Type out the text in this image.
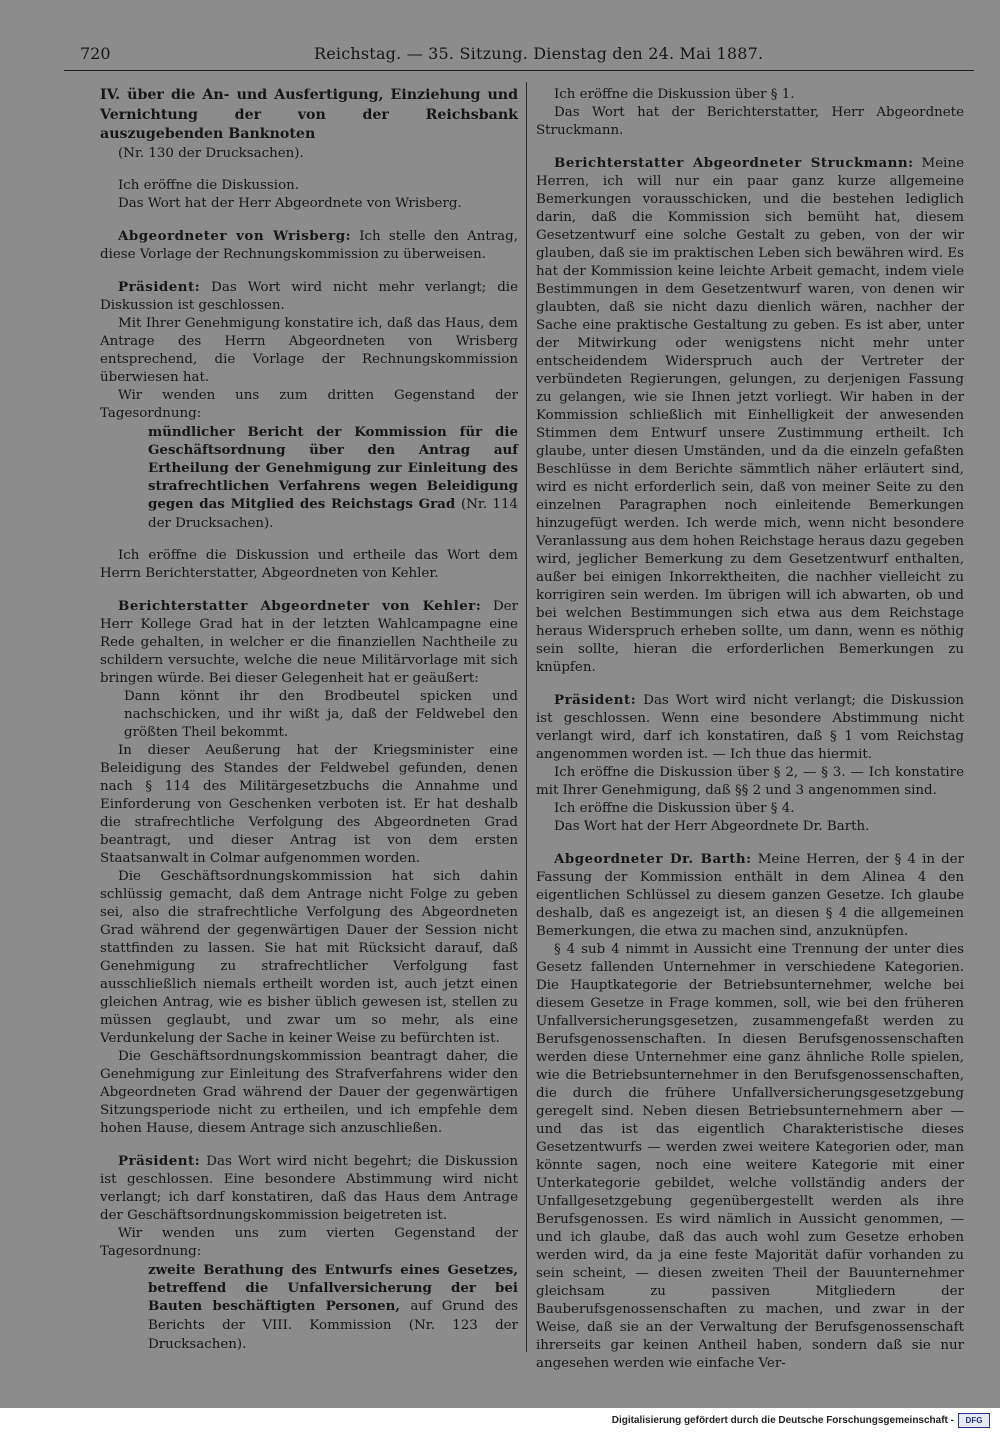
720	Reichstag. — 35. Sitzung. Dienstag den 24. Mai 1887.

IV. über die An- und Ausfertigung, Einziehung und Vernichtung der von der Reichsbank auszugebenden Banknoten

(Nr. 130 der Drucksachen).

Ich eröffne die Diskussion.

Das Wort hat der Herr Abgeordnete von Wrisberg.

Abgeordneter von Wrisberg: Ich stelle den Antrag, diese Vorlage der Rechnungskommission zu überweisen.

Präsident: Das Wort wird nicht mehr verlangt; die Diskussion ist geschlossen.

Mit Ihrer Genehmigung konstatire ich, daß das Haus, dem Antrage des Herrn Abgeordneten von Wrisberg entsprechend, die Vorlage der Rechnungskommission überwiesen hat.

Wir wenden uns zum dritten Gegenstand der Tagesordnung:

mündlicher Bericht der Kommission für die Geschäftsordnung über den Antrag auf Ertheilung der Genehmigung zur Einleitung des strafrechtlichen Verfahrens wegen Beleidigung gegen das Mitglied des Reichstags Grad (Nr. 114 der Drucksachen).

Ich eröffne die Diskussion und ertheile das Wort dem Herrn Berichterstatter, Abgeordneten von Kehler.

Berichterstatter Abgeordneter von Kehler: Der Herr Kollege Grad hat in der letzten Wahlcampagne eine Rede gehalten, in welcher er die finanziellen Nachtheile zu schildern versuchte, welche die neue Militärvorlage mit sich bringen würde. Bei dieser Gelegenheit hat er geäußert:

Dann könnt ihr den Brodbeutel spicken und nachschicken, und ihr wißt ja, daß der Feldwebel den größten Theil bekommt.

In dieser Aeußerung hat der Kriegsminister eine Beleidigung des Standes der Feldwebel gefunden, denen nach § 114 des Militärgesetzbuchs die Annahme und Einforderung von Geschenken verboten ist. Er hat deshalb die strafrechtliche Verfolgung des Abgeordneten Grad beantragt, und dieser Antrag ist von dem ersten Staatsanwalt in Colmar aufgenommen worden.

Die Geschäftsordnungskommission hat sich dahin schlüssig gemacht, daß dem Antrage nicht Folge zu geben sei, also die strafrechtliche Verfolgung des Abgeordneten Grad während der gegenwärtigen Dauer der Session nicht stattfinden zu lassen. Sie hat mit Rücksicht darauf, daß Genehmigung zu strafrechtlicher Verfolgung fast ausschließlich niemals ertheilt worden ist, auch jetzt einen gleichen Antrag, wie es bisher üblich gewesen ist, stellen zu müssen geglaubt, und zwar um so mehr, als eine Verdunkelung der Sache in keiner Weise zu befürchten ist.

Die Geschäftsordnungskommission beantragt daher, die Genehmigung zur Einleitung des Strafverfahrens wider den Abgeordneten Grad während der Dauer der gegenwärtigen Sitzungsperiode nicht zu ertheilen, und ich empfehle dem hohen Hause, diesem Antrage sich anzuschließen.

Präsident: Das Wort wird nicht begehrt; die Diskussion ist geschlossen. Eine besondere Abstimmung wird nicht verlangt; ich darf konstatiren, daß das Haus dem Antrage der Geschäftsordnungskommission beigetreten ist.

Wir wenden uns zum vierten Gegenstand der Tagesordnung:

zweite Berathung des Entwurfs eines Gesetzes, betreffend die Unfallversicherung der bei Bauten beschäftigten Personen, auf Grund des Berichts der VIII. Kommission (Nr. 123 der Drucksachen).

Ich eröffne die Diskussion über § 1.

Das Wort hat der Berichterstatter, Herr Abgeordnete Struckmann.

Berichterstatter Abgeordneter Struckmann: Meine Herren, ich will nur ein paar ganz kurze allgemeine Bemerkungen vorausschicken, und die bestehen lediglich darin, daß die Kommission sich bemüht hat, diesem Gesetzentwurf eine solche Gestalt zu geben, von der wir glauben, daß sie im praktischen Leben sich bewähren wird. Es hat der Kommission keine leichte Arbeit gemacht, indem viele Bestimmungen in dem Gesetzentwurf waren, von denen wir glaubten, daß sie nicht dazu dienlich wären, nachher der Sache eine praktische Gestaltung zu geben. Es ist aber, unter der Mitwirkung oder wenigstens nicht mehr unter entscheidendem Widerspruch auch der Vertreter der verbündeten Regierungen, gelungen, zu derjenigen Fassung zu gelangen, wie sie Ihnen jetzt vorliegt. Wir haben in der Kommission schließlich mit Einhelligkeit der anwesenden Stimmen dem Entwurf unsere Zustimmung ertheilt. Ich glaube, unter diesen Umständen, und da die einzeln gefaßten Beschlüsse in dem Berichte sämmtlich näher erläutert sind, wird es nicht erforderlich sein, daß von meiner Seite zu den einzelnen Paragraphen noch einleitende Bemerkungen hinzugefügt werden. Ich werde mich, wenn nicht besondere Veranlassung aus dem hohen Reichstage heraus dazu gegeben wird, jeglicher Bemerkung zu dem Gesetzentwurf enthalten, außer bei einigen Inkorrektheiten, die nachher vielleicht zu korrigiren sein werden. Im übrigen will ich abwarten, ob und bei welchen Bestimmungen sich etwa aus dem Reichstage heraus Widerspruch erheben sollte, um dann, wenn es nöthig sein sollte, hieran die erforderlichen Bemerkungen zu knüpfen.

Präsident: Das Wort wird nicht verlangt; die Diskussion ist geschlossen. Wenn eine besondere Abstimmung nicht verlangt wird, darf ich konstatiren, daß § 1 vom Reichstag angenommen worden ist. — Ich thue das hiermit.

Ich eröffne die Diskussion über § 2, — § 3. — Ich konstatire mit Ihrer Genehmigung, daß §§ 2 und 3 angenommen sind.

Ich eröffne die Diskussion über § 4.

Das Wort hat der Herr Abgeordnete Dr. Barth.

Abgeordneter Dr. Barth: Meine Herren, der § 4 in der Fassung der Kommission enthält in dem Alinea 4 den eigentlichen Schlüssel zu diesem ganzen Gesetze. Ich glaube deshalb, daß es angezeigt ist, an diesen § 4 die allgemeinen Bemerkungen, die etwa zu machen sind, anzuknüpfen.

§ 4 sub 4 nimmt in Aussicht eine Trennung der unter dies Gesetz fallenden Unternehmer in verschiedene Kategorien. Die Hauptkategorie der Betriebsunternehmer, welche bei diesem Gesetze in Frage kommen, soll, wie bei den früheren Unfallversicherungsgesetzen, zusammengefaßt werden zu Berufsgenossenschaften. In diesen Berufsgenossenschaften werden diese Unternehmer eine ganz ähnliche Rolle spielen, wie die Betriebsunternehmer in den Berufsgenossenschaften, die durch die frühere Unfallversicherungsgesetzgebung geregelt sind. Neben diesen Betriebsunternehmern aber — und das ist das eigentlich Charakteristische dieses Gesetzentwurfs — werden zwei weitere Kategorien oder, man könnte sagen, noch eine weitere Kategorie mit einer Unterkategorie gebildet, welche vollständig anders der Unfallgesetzgebung gegenübergestellt werden als ihre Berufsgenossen. Es wird nämlich in Aussicht genommen, — und ich glaube, daß das auch wohl zum Gesetze erhoben werden wird, da ja eine feste Majorität dafür vorhanden zu sein scheint, — diesen zweiten Theil der Bauunternehmer gleichsam zu passiven Mitgliedern der Bauberufsgenossenschaften zu machen, und zwar in der Weise, daß sie an der Verwaltung der Berufsgenossenschaft ihrerseits gar keinen Antheil haben, sondern daß sie nur angesehen werden wie einfache Ver-

Digitalisierung gefördert durch die Deutsche Forschungsgemeinschaft -	DFG
